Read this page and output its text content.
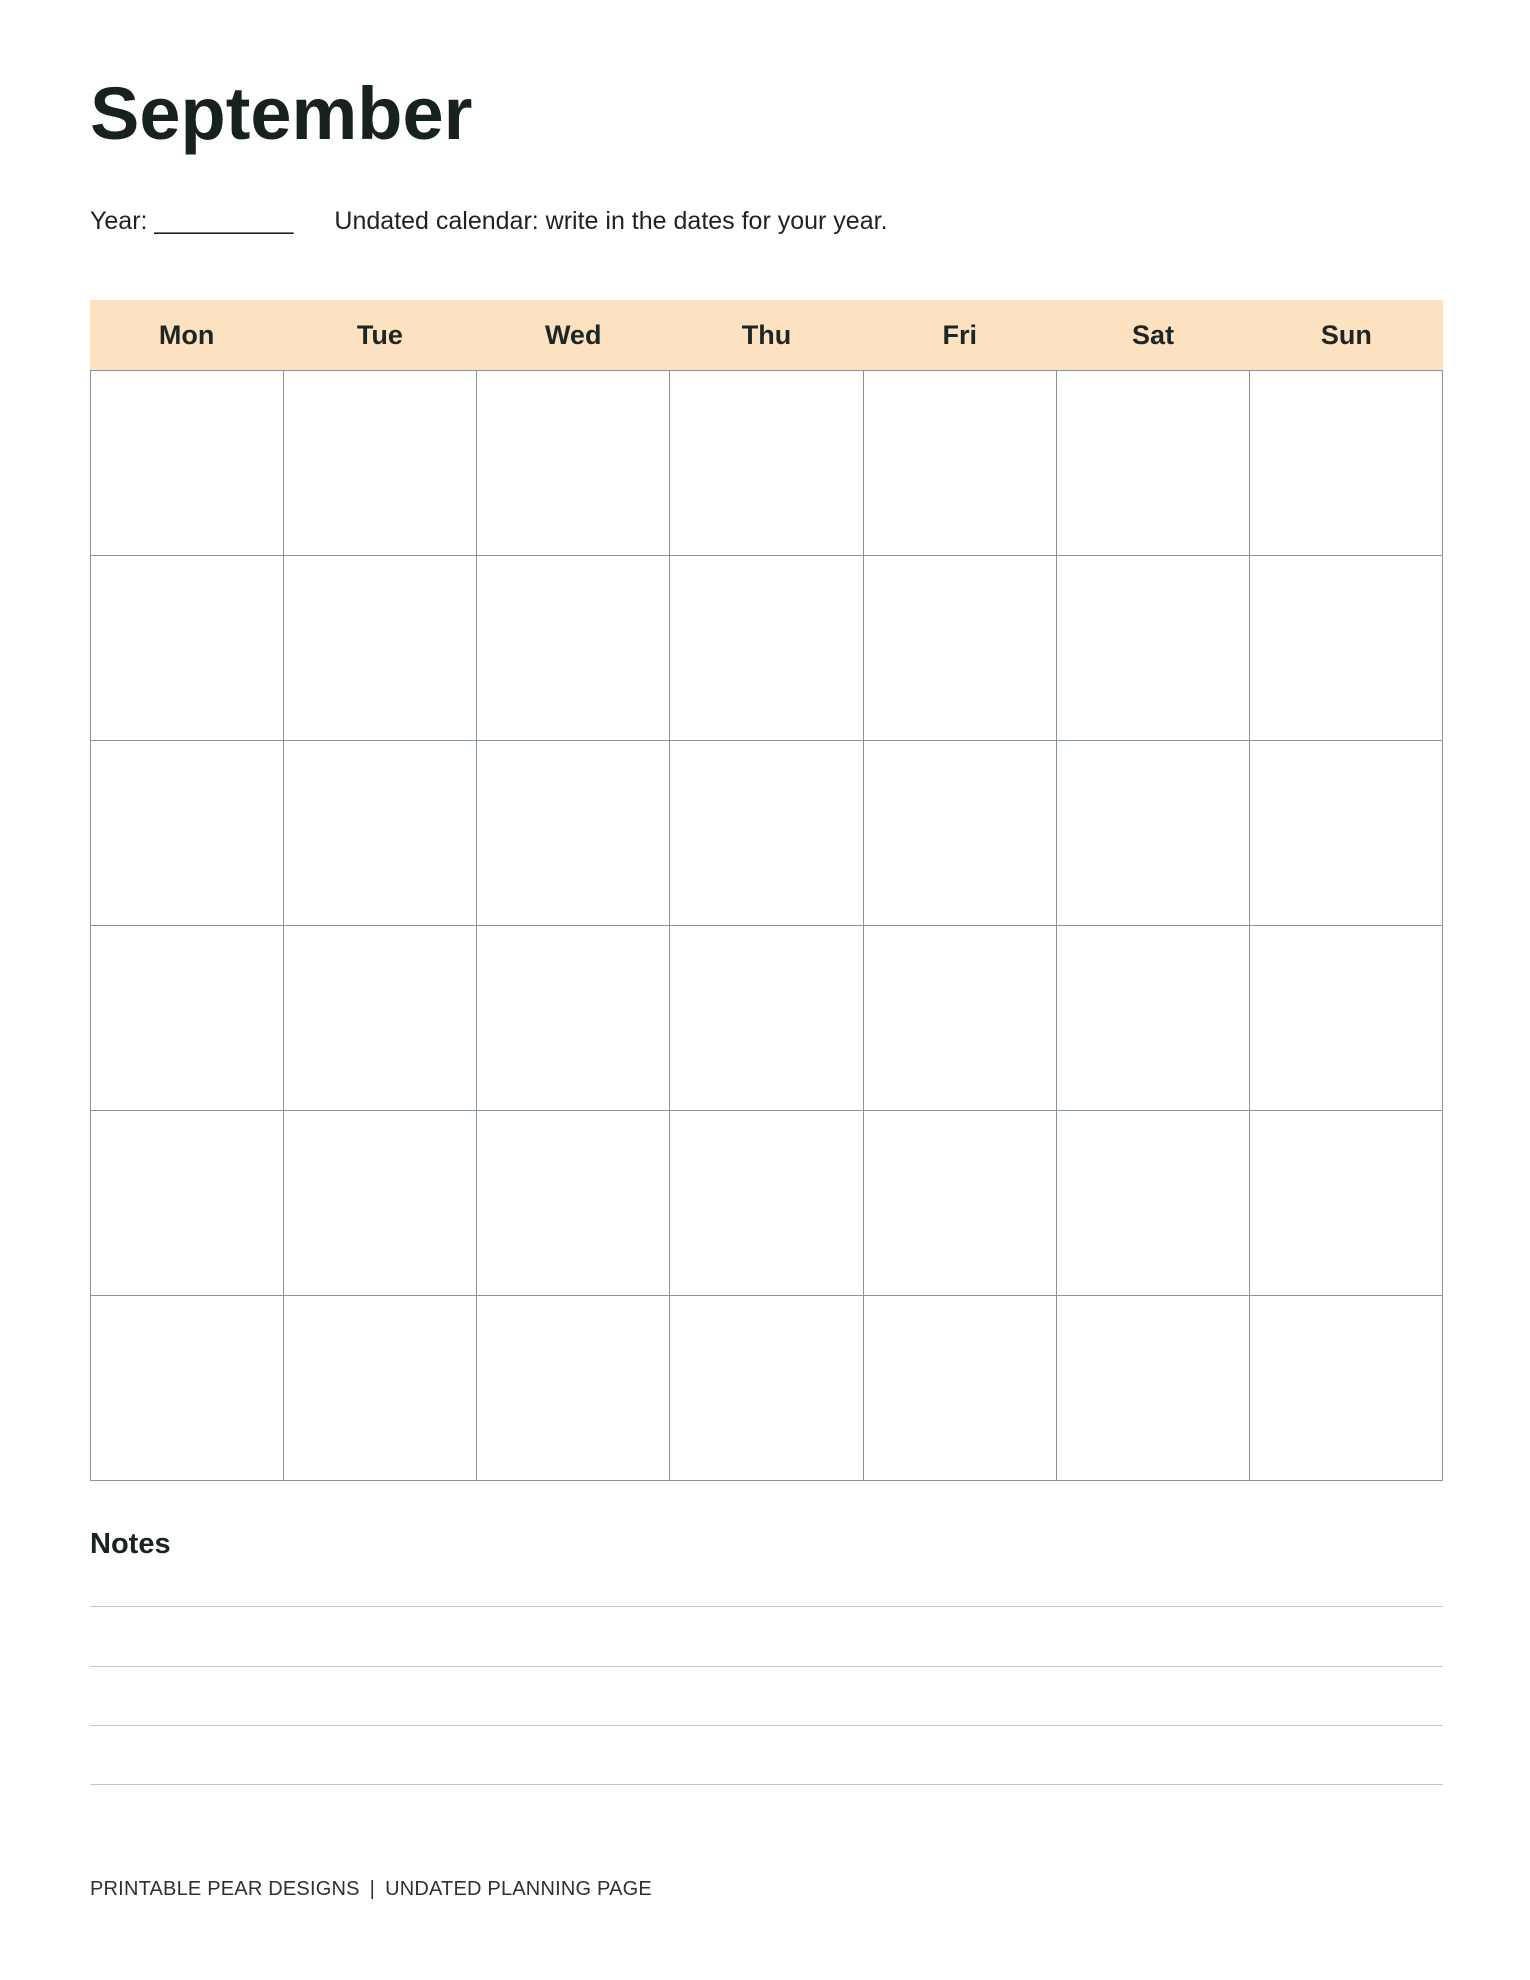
September
Year: __________ Undated calendar: write in the dates for your year.
Mon	Tue	Wed	Thu	Fri	Sat	Sun
Notes
PRINTABLE PEAR DESIGNS | UNDATED PLANNING PAGE
